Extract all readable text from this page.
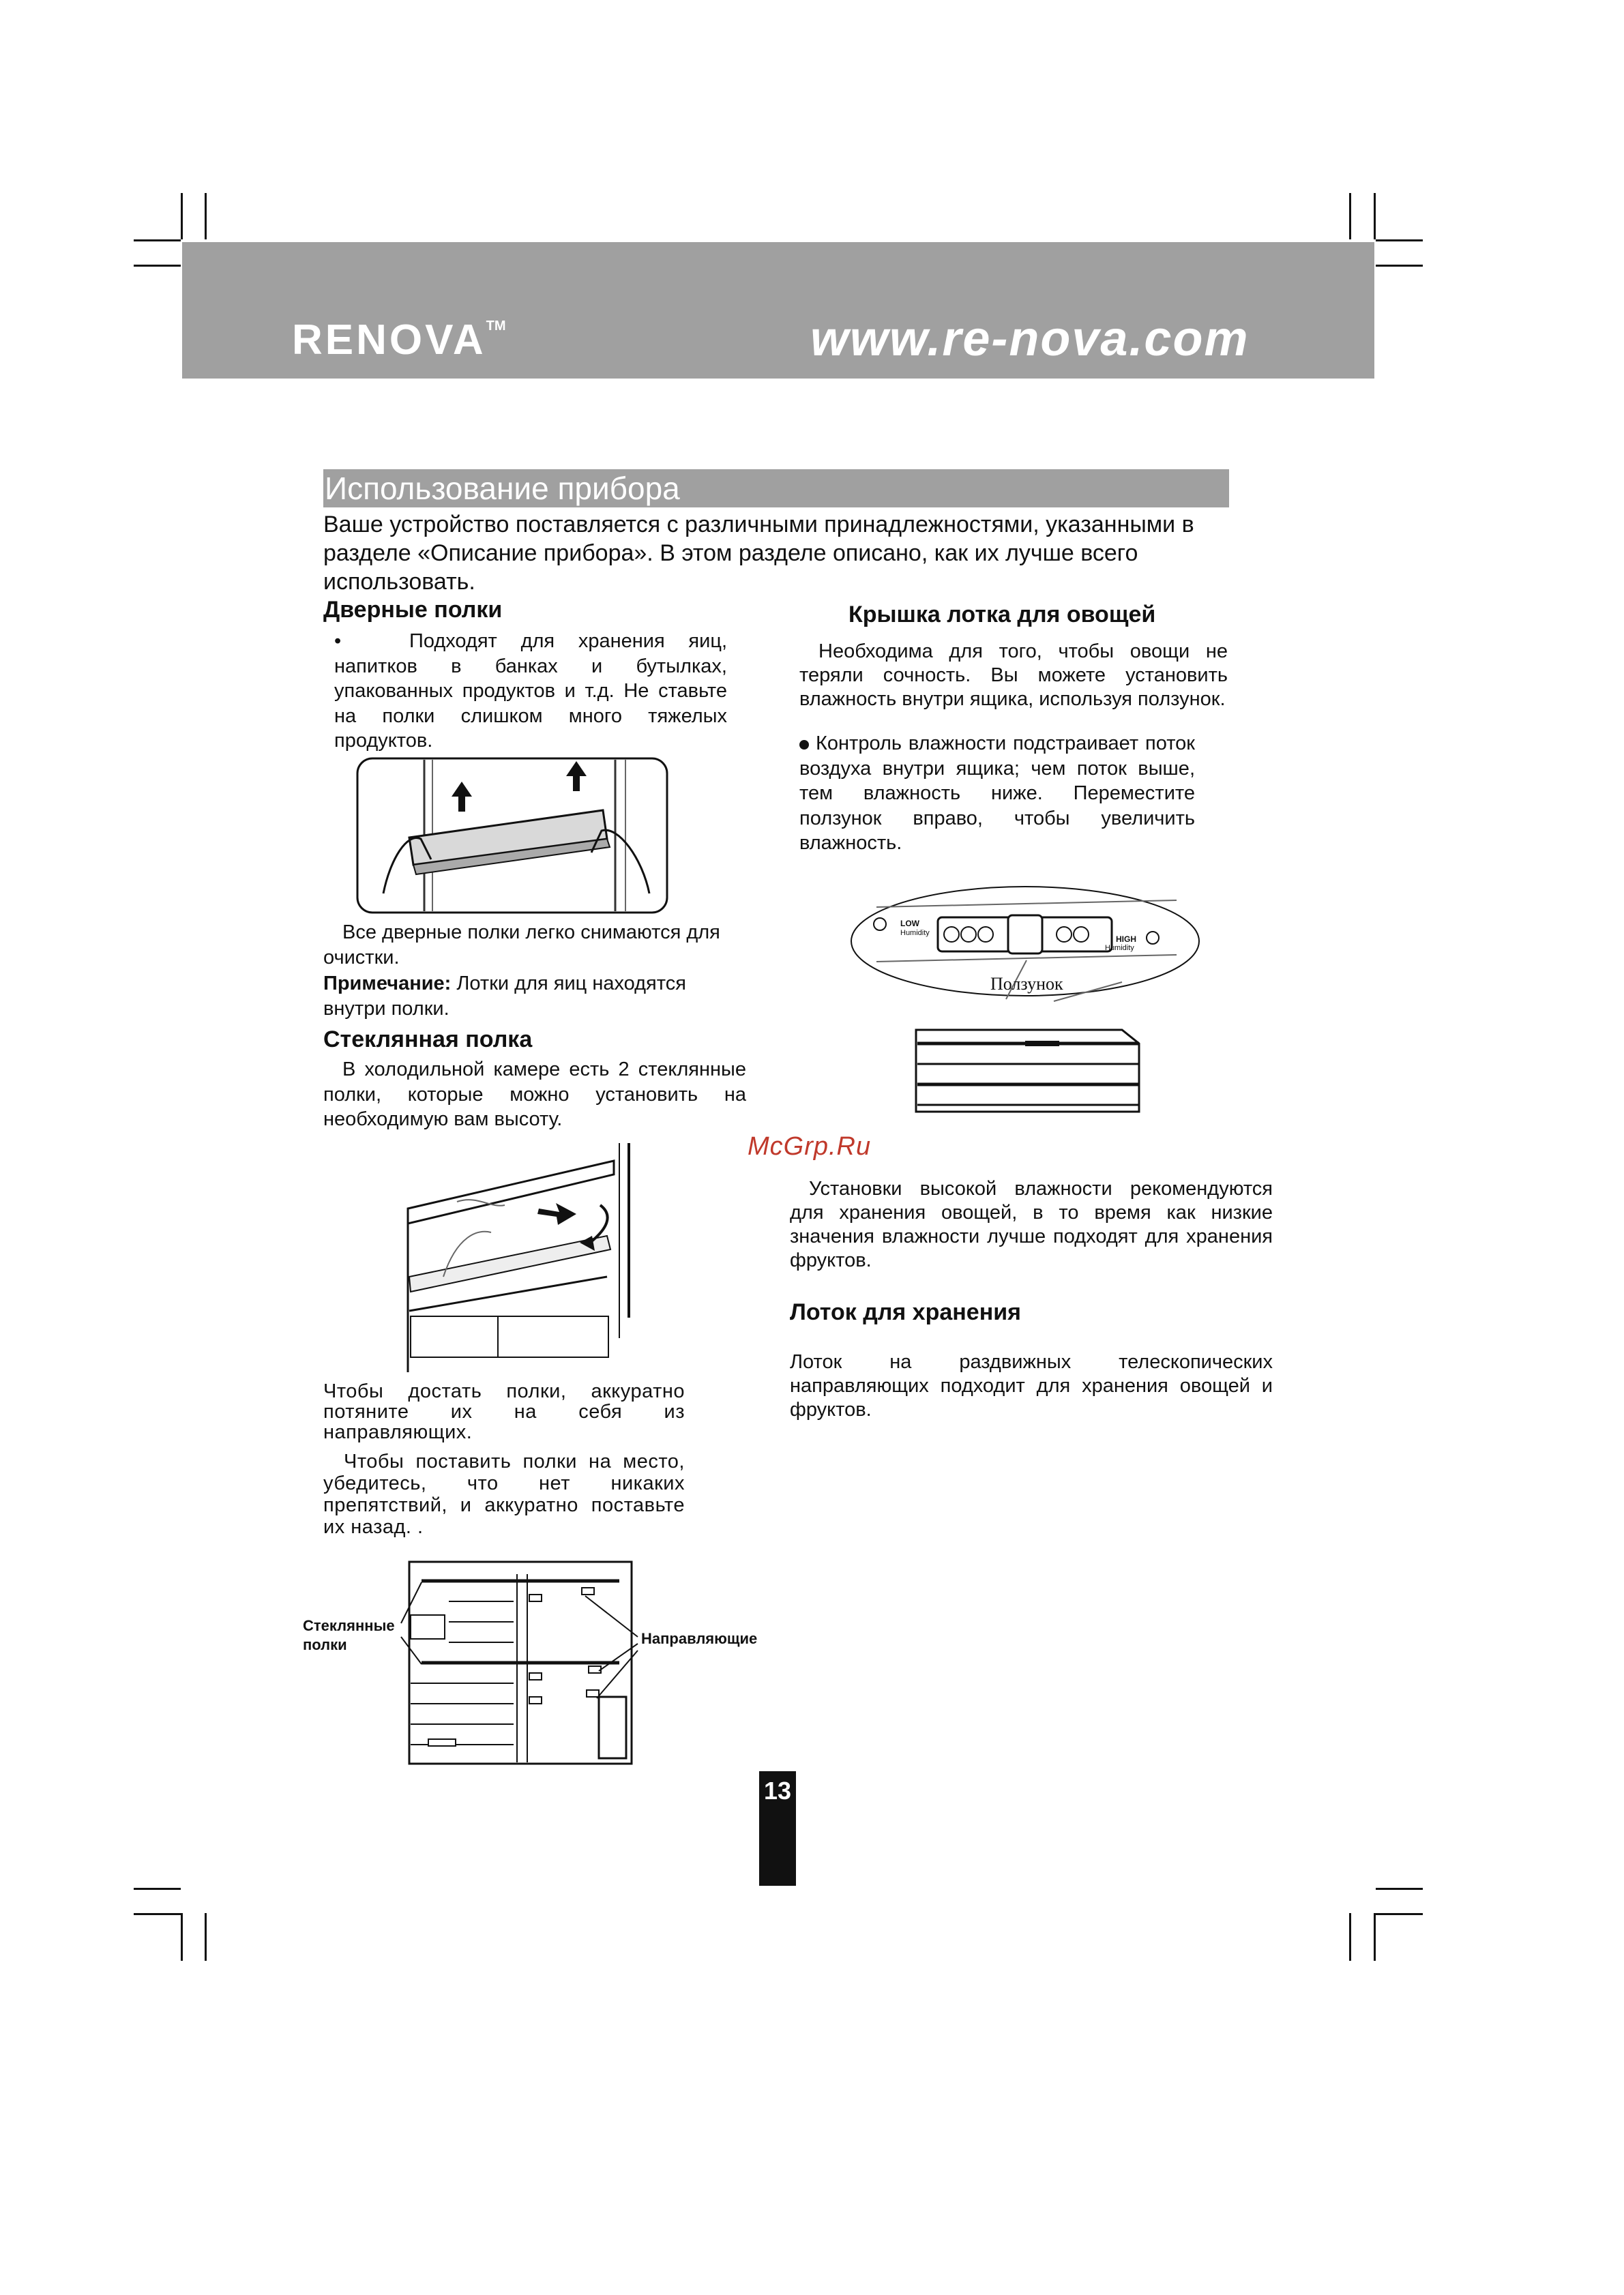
RENOVA™	www.re-nova.com
Использование прибора
Ваше устройство поставляется с различными принадлежностями, указанными в разделе «Описание прибора». В этом разделе описано, как их лучше всего использовать.
Дверные полки
•	Подходят для хранения яиц, напитков в банках и бутылках, упакованных продуктов и т.д. Не ставьте на полки слишком много тяжелых продуктов.
Все дверные полки легко снимаются для очистки.
Примечание: Лотки для яиц находятся внутри полки.
Стеклянная полка
В холодильной камере есть 2 стеклянные полки, которые можно установить на необходимую вам высоту.
Чтобы достать полки, аккуратно потяните их на себя из направляющих.
Чтобы поставить полки на место, убедитесь, что нет никаких препятствий, и аккуратно поставьте их назад. .
Стеклянные
полки	Направляющие
Крышка лотка для овощей
Необходима для того, чтобы овощи не теряли сочность. Вы можете установить влажность внутри ящика, используя ползунок.
Контроль влажности подстраивает поток воздуха внутри ящика; чем поток выше, тем влажность ниже. Переместите ползунок вправо, чтобы увеличить влажность.
LOW
Humidity
HIGH
Humidity
Ползунок
McGrp.Ru
Установки высокой влажности рекомендуются для хранения овощей, в то время как низкие значения влажности лучше подходят для хранения фруктов.
Лоток для хранения
Лоток на раздвижных телескопических направляющих подходит для хранения овощей и фруктов.
13
